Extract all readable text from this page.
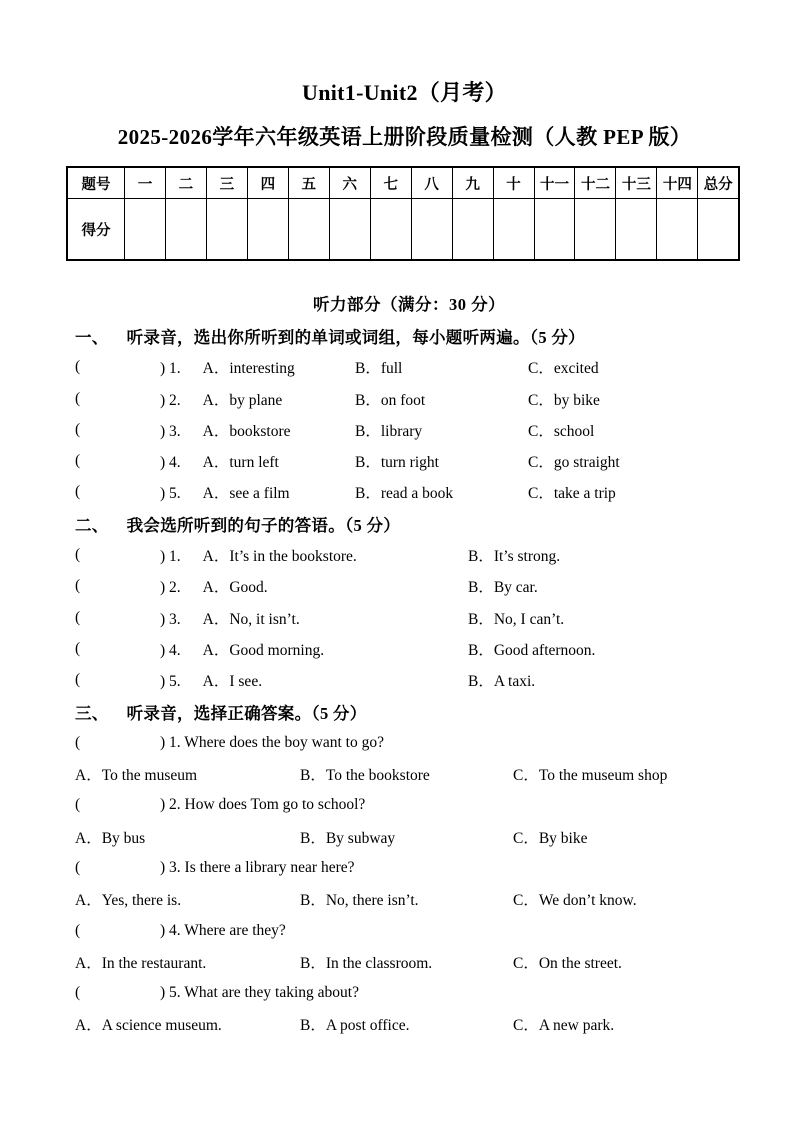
Unit1-Unit2（月考）
2025-2026学年六年级英语上册阶段质量检测（人教 PEP 版）
题号	一	二	三	四	五	六	七	八	九	十	十一	十二	十三	十四	总分
得分															
听力部分（满分：30 分）
一、 听录音，选出你所听到的单词或词组，每小题听两遍。（5 分）
(	) 1. A．interesting	B．full	C．excited
(	) 2. A．by plane	B．on foot	C．by bike
(	) 3. A．bookstore	B．library	C．school
(	) 4. A．turn left	B．turn right	C．go straight
(	) 5. A．see a film	B．read a book	C．take a trip
二、 我会选所听到的句子的答语。（5 分）
(	) 1. A．It’s in the bookstore.	B．It’s strong.
(	) 2. A．Good.	B．By car.
(	) 3. A．No, it isn’t.	B．No, I can’t.
(	) 4. A．Good morning.	B．Good afternoon.
(	) 5. A．I see.	B．A taxi.
三、 听录音，选择正确答案。（5 分）
(	) 1. Where does the boy want to go?
A．To the museum	B．To the bookstore	C．To the museum shop
(	) 2. How does Tom go to school?
A．By bus	B．By subway	C．By bike
(	) 3. Is there a library near here?
A．Yes, there is.	B．No, there isn’t.	C．We don’t know.
(	) 4. Where are they?
A．In the restaurant.	B．In the classroom.	C．On the street.
(	) 5. What are they taking about?
A．A science museum.	B．A post office.	C．A new park.
